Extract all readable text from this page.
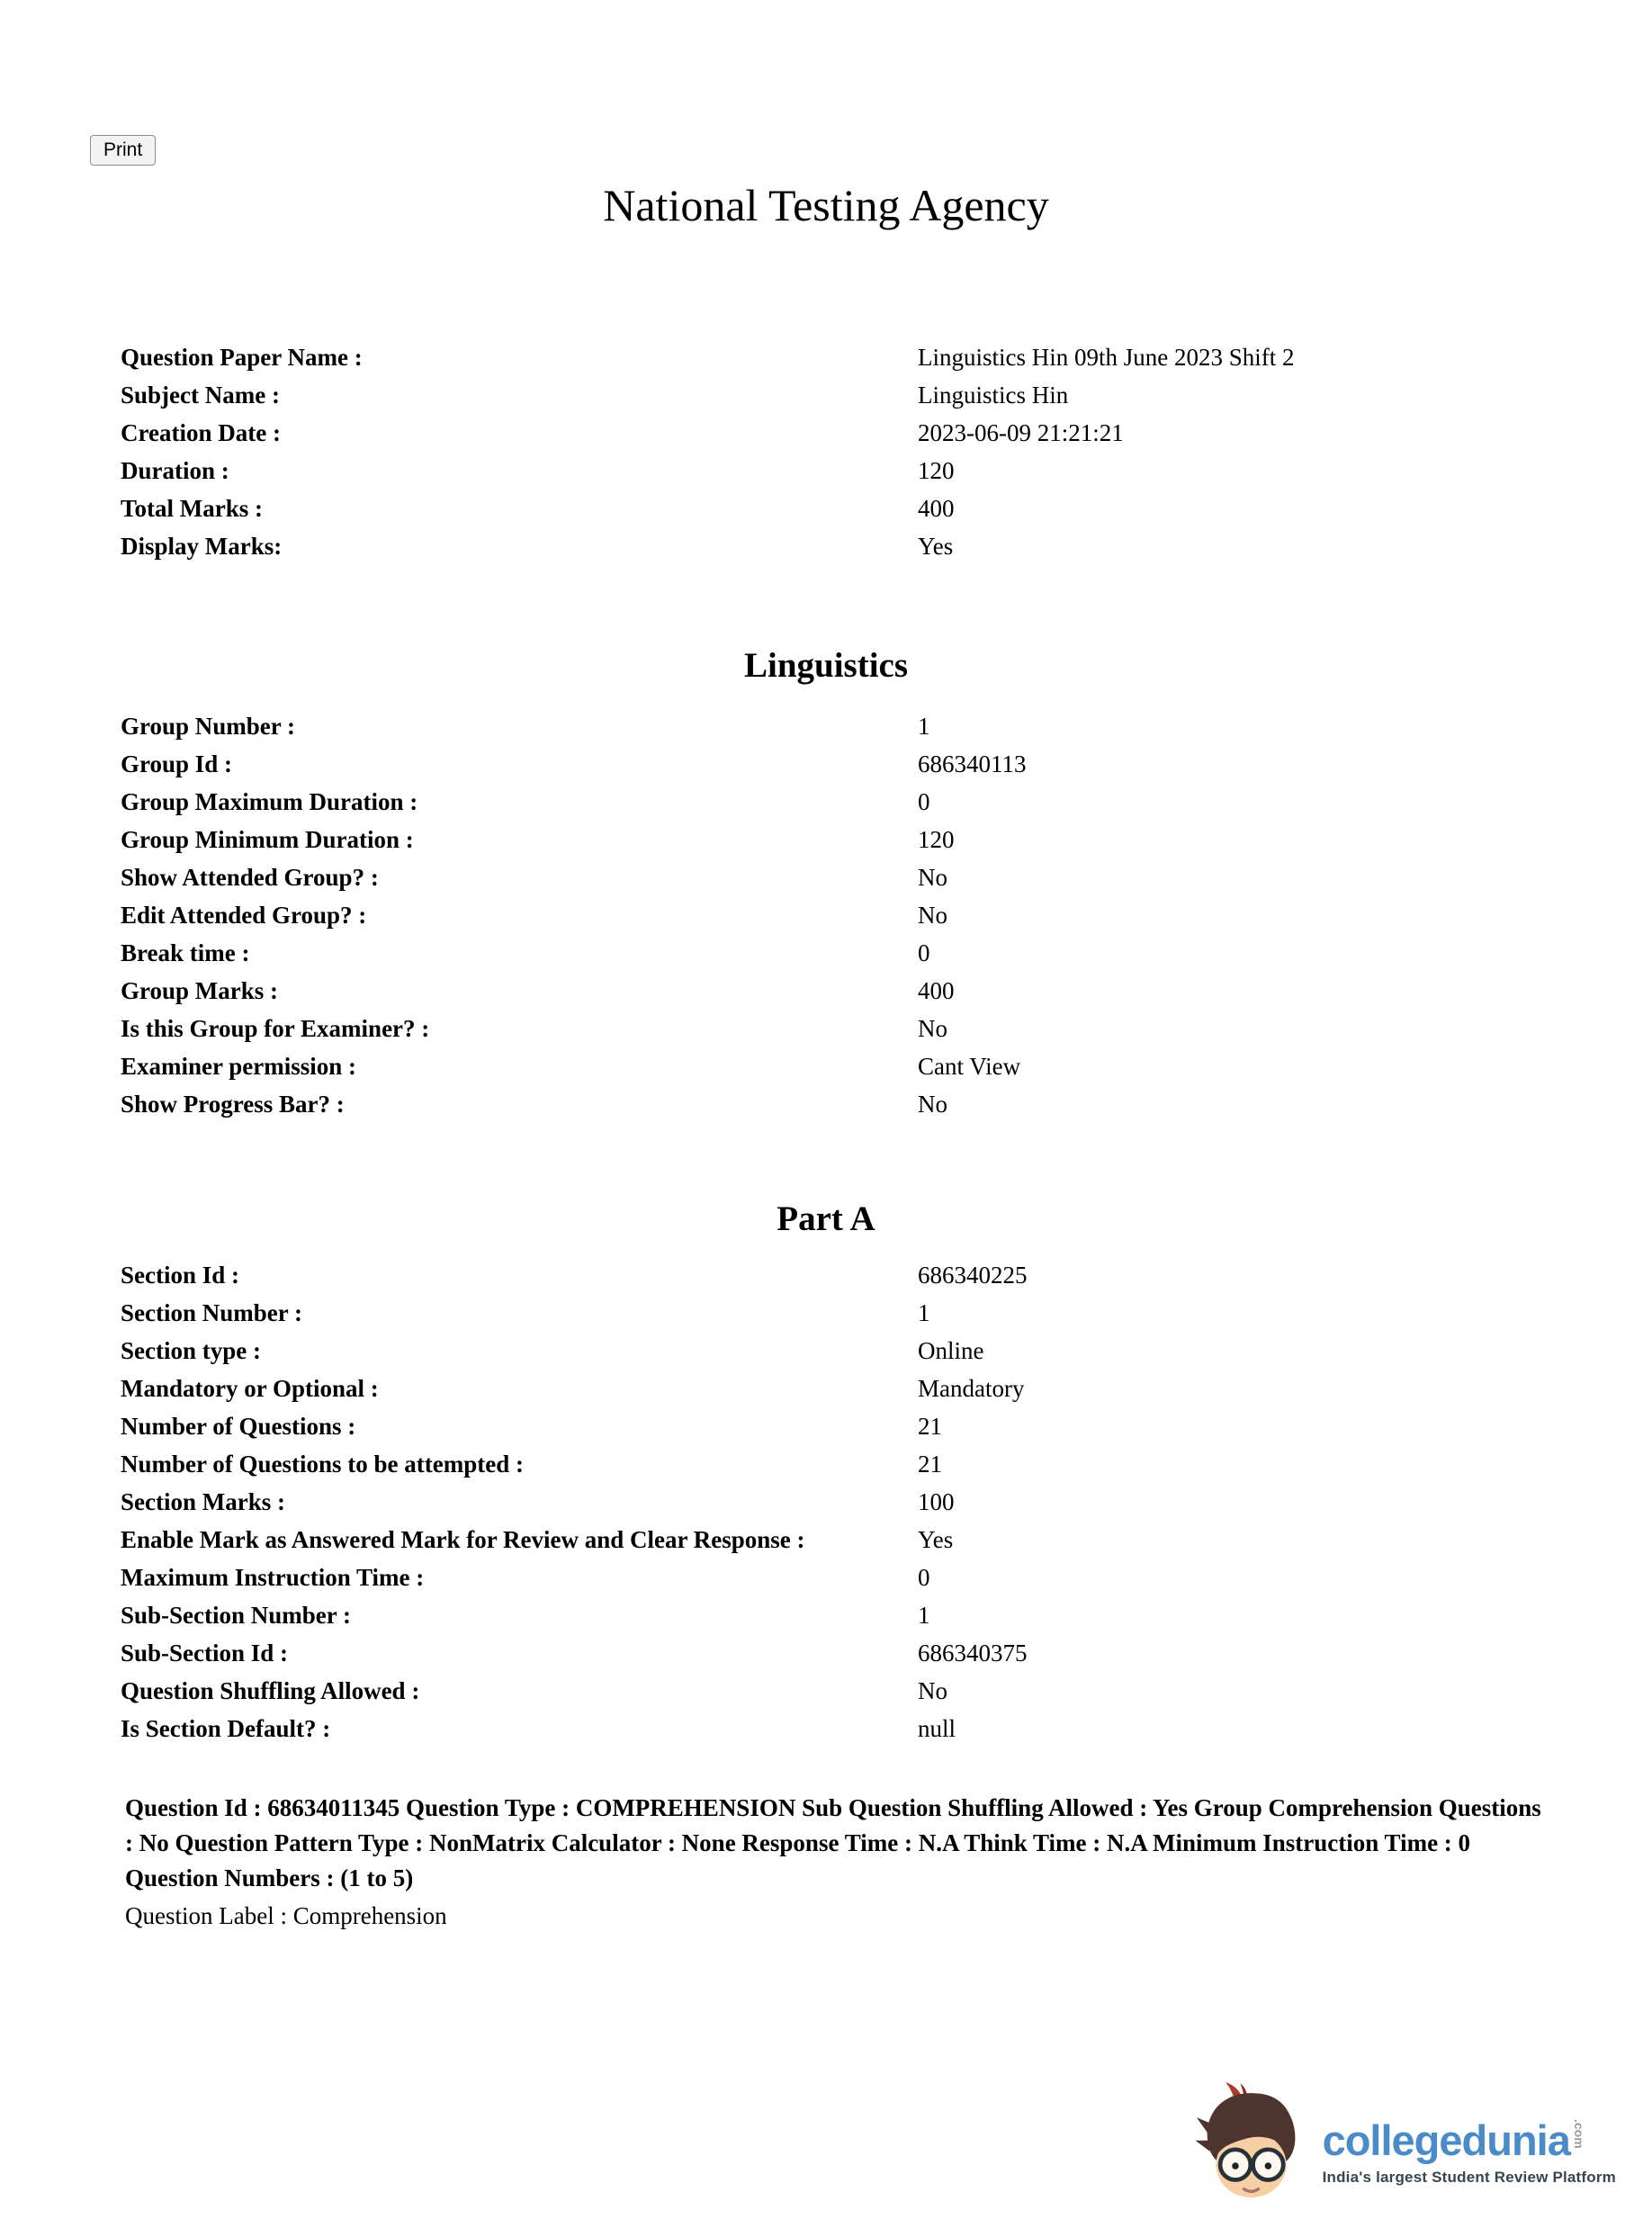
Print
National Testing Agency
Question Paper Name :	Linguistics Hin 09th June 2023 Shift 2
Subject Name :	Linguistics Hin
Creation Date :	2023-06-09 21:21:21
Duration :	120
Total Marks :	400
Display Marks:	Yes
Linguistics
Group Number :	1
Group Id :	686340113
Group Maximum Duration :	0
Group Minimum Duration :	120
Show Attended Group? :	No
Edit Attended Group? :	No
Break time :	0
Group Marks :	400
Is this Group for Examiner? :	No
Examiner permission :	Cant View
Show Progress Bar? :	No
Part A
Section Id :	686340225
Section Number :	1
Section type :	Online
Mandatory or Optional :	Mandatory
Number of Questions :	21
Number of Questions to be attempted :	21
Section Marks :	100
Enable Mark as Answered Mark for Review and Clear Response :	Yes
Maximum Instruction Time :	0
Sub-Section Number :	1
Sub-Section Id :	686340375
Question Shuffling Allowed :	No
Is Section Default? :	null

Question Id : 68634011345 Question Type : COMPREHENSION Sub Question Shuffling Allowed : Yes Group Comprehension Questions : No Question Pattern Type : NonMatrix Calculator : None Response Time : N.A Think Time : N.A Minimum Instruction Time : 0

Question Numbers : (1 to 5)

Question Label : Comprehension

collegedunia .com
India's largest Student Review Platform
